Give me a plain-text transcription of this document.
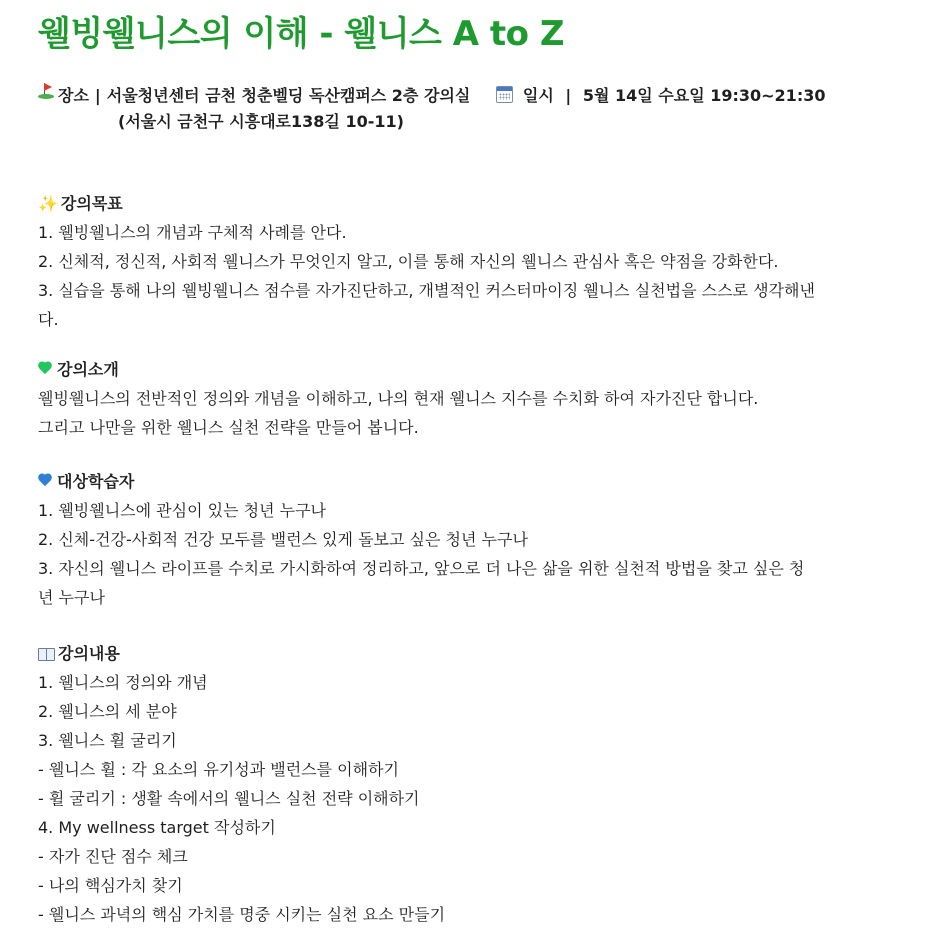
웰빙웰니스의 이해 - 웰니스 A to Z
장소 | 서울청년센터 금천 청춘벨딩 독산캠퍼스 2층 강의실	일시 | 5월 14일 수요일 19:30~21:30
(서울시 금천구 시흥대로138길 10-11)
✨ 강의목표
1. 웰빙웰니스의 개념과 구체적 사례를 안다.
2. 신체적, 정신적, 사회적 웰니스가 무엇인지 알고, 이를 통해 자신의 웰니스 관심사 혹은 약점을 강화한다.
3. 실습을 통해 나의 웰빙웰니스 점수를 자가진단하고, 개별적인 커스터마이징 웰니스 실천법을 스스로 생각해낸
다.
강의소개
웰빙웰니스의 전반적인 정의와 개념을 이해하고, 나의 현재 웰니스 지수를 수치화 하여 자가진단 합니다.
그리고 나만을 위한 웰니스 실천 전략을 만들어 봅니다.
대상학습자
1. 웰빙웰니스에 관심이 있는 청년 누구나
2. 신체-건강-사회적 건강 모두를 밸런스 있게 돌보고 싶은 청년 누구나
3. 자신의 웰니스 라이프를 수치로 가시화하여 정리하고, 앞으로 더 나은 삶을 위한 실천적 방법을 찾고 싶은 청
년 누구나
강의내용
1. 웰니스의 정의와 개념
2. 웰니스의 세 분야
3. 웰니스 휠 굴리기
- 웰니스 휠 : 각 요소의 유기성과 밸런스를 이해하기
- 휠 굴리기 : 생활 속에서의 웰니스 실천 전략 이해하기
4. My wellness target 작성하기
- 자가 진단 점수 체크
- 나의 핵심가치 찾기
- 웰니스 과녁의 핵심 가치를 명중 시키는 실천 요소 만들기
